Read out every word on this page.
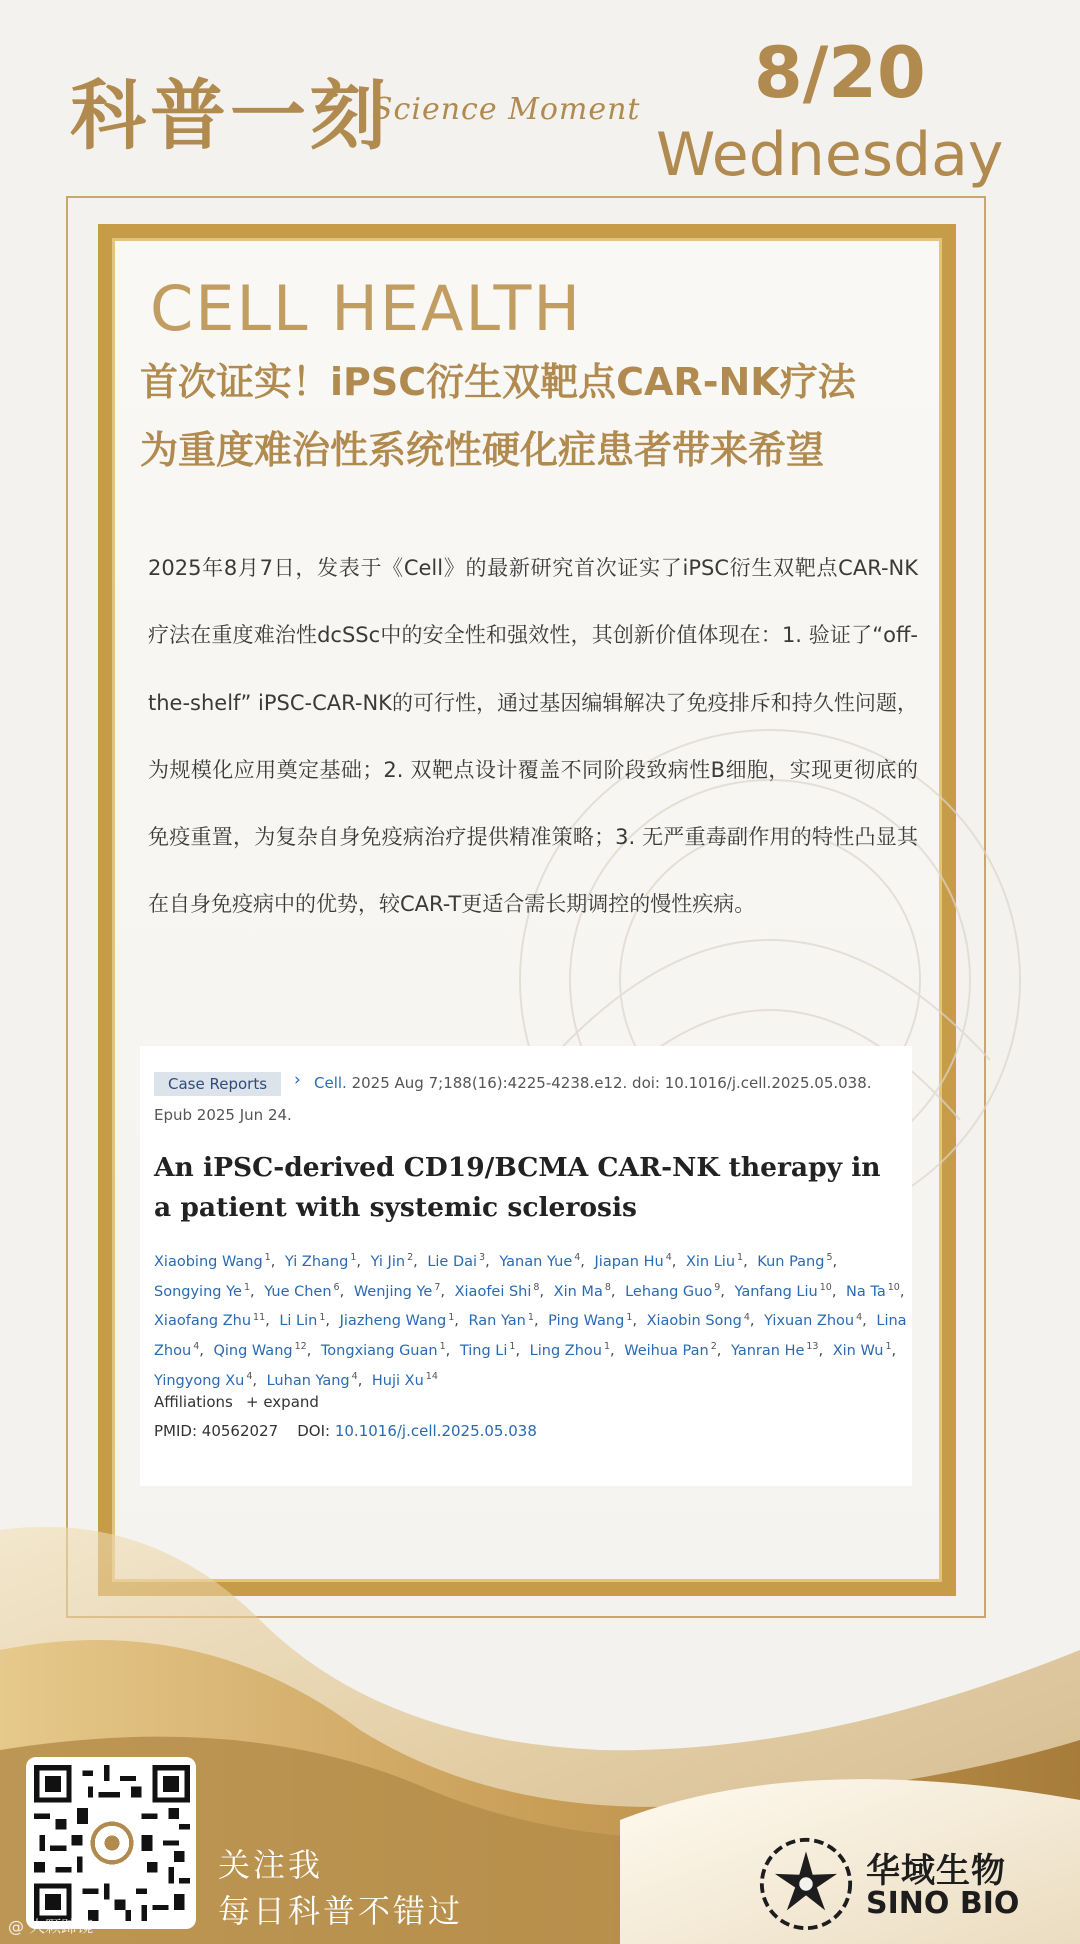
科普一刻
Science Moment 8/20
Wednesday
CELL HEALTH
首次证实！iPSC衍生双靶点CAR-NK疗法
为重度难治性系统性硬化症患者带来希望
2025年8月7日，发表于《Cell》的最新研究首次证实了iPSC衍生双靶点CAR-NK疗法在重度难治性dcSSc中的安全性和强效性，其创新价值体现在：1. 验证了“off-the-shelf” iPSC-CAR-NK的可行性，通过基因编辑解决了免疫排斥和持久性问题，为规模化应用奠定基础；2. 双靶点设计覆盖不同阶段致病性B细胞，实现更彻底的免疫重置，为复杂自身免疫病治疗提供精准策略；3. 无严重毒副作用的特性凸显其在自身免疫病中的优势，较CAR-T更适合需长期调控的慢性疾病。
Case Reports	› Cell. 2025 Aug 7;188(16):4225-4238.e12. doi: 10.1016/j.cell.2025.05.038.
Epub 2025 Jun 24.
An iPSC-derived CD19/BCMA CAR-NK therapy in a patient with systemic sclerosis
Xiaobing Wang $^1$, Yi Zhang $^1$, Yi Jin $^2$, Lie Dai $^3$, Yanan Yue $^4$, Jiapan Hu $^4$, Xin Liu $^1$, Kun Pang $^5$, Songying Ye $^1$, Yue Chen $^6$, Wenjing Ye $^7$, Xiaofei Shi $^8$, Xin Ma $^8$, Lehang Guo $^9$, Yanfang Liu $^{10}$, Na Ta $^{10}$, Xiaofang Zhu $^{11}$, Li Lin $^1$, Jiazheng Wang $^1$, Ran Yan $^1$, Ping Wang $^1$, Xiaobin Song $^4$, Yixuan Zhou $^4$, Lina Zhou $^4$, Qing Wang $^{12}$, Tongxiang Guan $^1$, Ting Li $^1$, Ling Zhou $^1$, Weihua Pan $^2$, Yanran He $^{13}$, Xin Wu $^1$, Yingyong Xu $^4$, Luhan Yang $^4$, Huji Xu $^{14}$
Affiliations + expand
PMID: 40562027 DOI: 10.1016/j.cell.2025.05.038
关注我
每日科普不错过
@ 大颗蹄镜
华域生物
SINO BIO
